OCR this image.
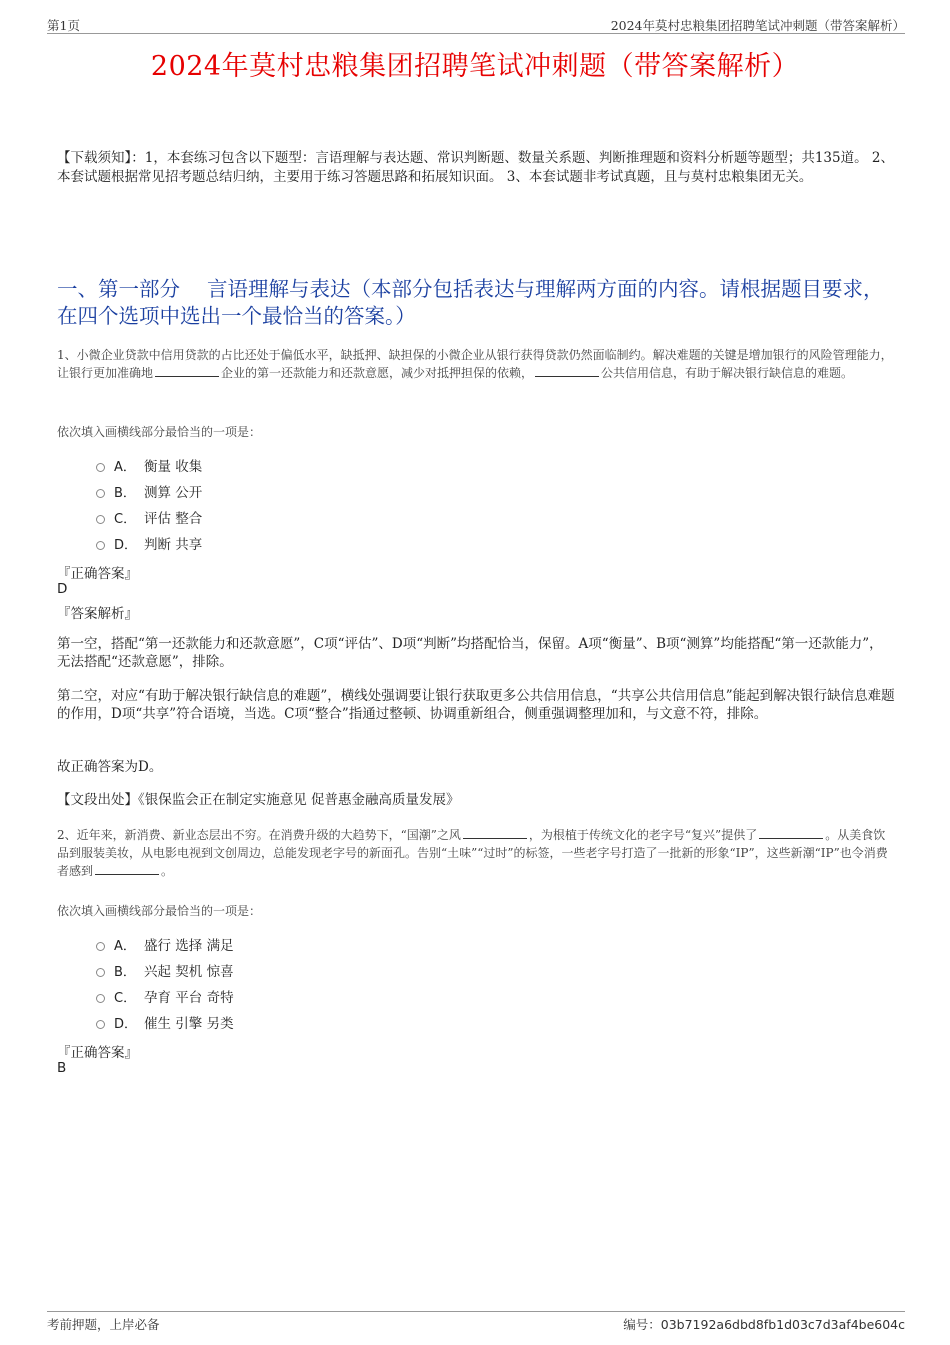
第1页	2024年莫村忠粮集团招聘笔试冲刺题（带答案解析）
2024年莫村忠粮集团招聘笔试冲刺题（带答案解析）
【下载须知】：1，本套练习包含以下题型：言语理解与表达题、常识判断题、数量关系题、判断推理题和资料分析题等题型；共135道。 2、本套试题根据常见招考题总结归纳，主要用于练习答题思路和拓展知识面。 3、本套试题非考试真题，且与莫村忠粮集团无关。
一、第一部分　 言语理解与表达（本部分包括表达与理解两方面的内容。请根据题目要求，在四个选项中选出一个最恰当的答案。）
1、小微企业贷款中信用贷款的占比还处于偏低水平，缺抵押、缺担保的小微企业从银行获得贷款仍然面临制约。解决难题的关键是增加银行的风险管理能力，让银行更加准确地	企业的第一还款能力和还款意愿，减少对抵押担保的依赖，	公共信用信息，有助于解决银行缺信息的难题。
依次填入画横线部分最恰当的一项是：
A． 衡量 收集
B． 测算 公开
C． 评估 整合
D． 判断 共享
『正确答案』
D
『答案解析』
第一空，搭配“第一还款能力和还款意愿”，C项“评估”、D项“判断”均搭配恰当，保留。A项“衡量”、B项“测算”均能搭配“第一还款能力”，无法搭配“还款意愿”，排除。
第二空，对应“有助于解决银行缺信息的难题”，横线处强调要让银行获取更多公共信用信息，“共享公共信用信息”能起到解决银行缺信息难题的作用，D项“共享”符合语境，当选。C项“整合”指通过整顿、协调重新组合，侧重强调整理加和，与文意不符，排除。
故正确答案为D。
【文段出处】《银保监会正在制定实施意见 促普惠金融高质量发展》
2、近年来，新消费、新业态层出不穷。在消费升级的大趋势下，“国潮”之风	，为根植于传统文化的老字号“复兴”提供了	。从美食饮品到服装美妆，从电影电视到文创周边，总能发现老字号的新面孔。告别“土味”“过时”的标签，一些老字号打造了一批新的形象“IP”，这些新潮“IP”也令消费者感到	。
依次填入画横线部分最恰当的一项是：
A． 盛行 选择 满足
B． 兴起 契机 惊喜
C． 孕育 平台 奇特
D． 催生 引擎 另类
『正确答案』
B
考前押题，上岸必备	编号：03b7192a6dbd8fb1d03c7d3af4be604c
